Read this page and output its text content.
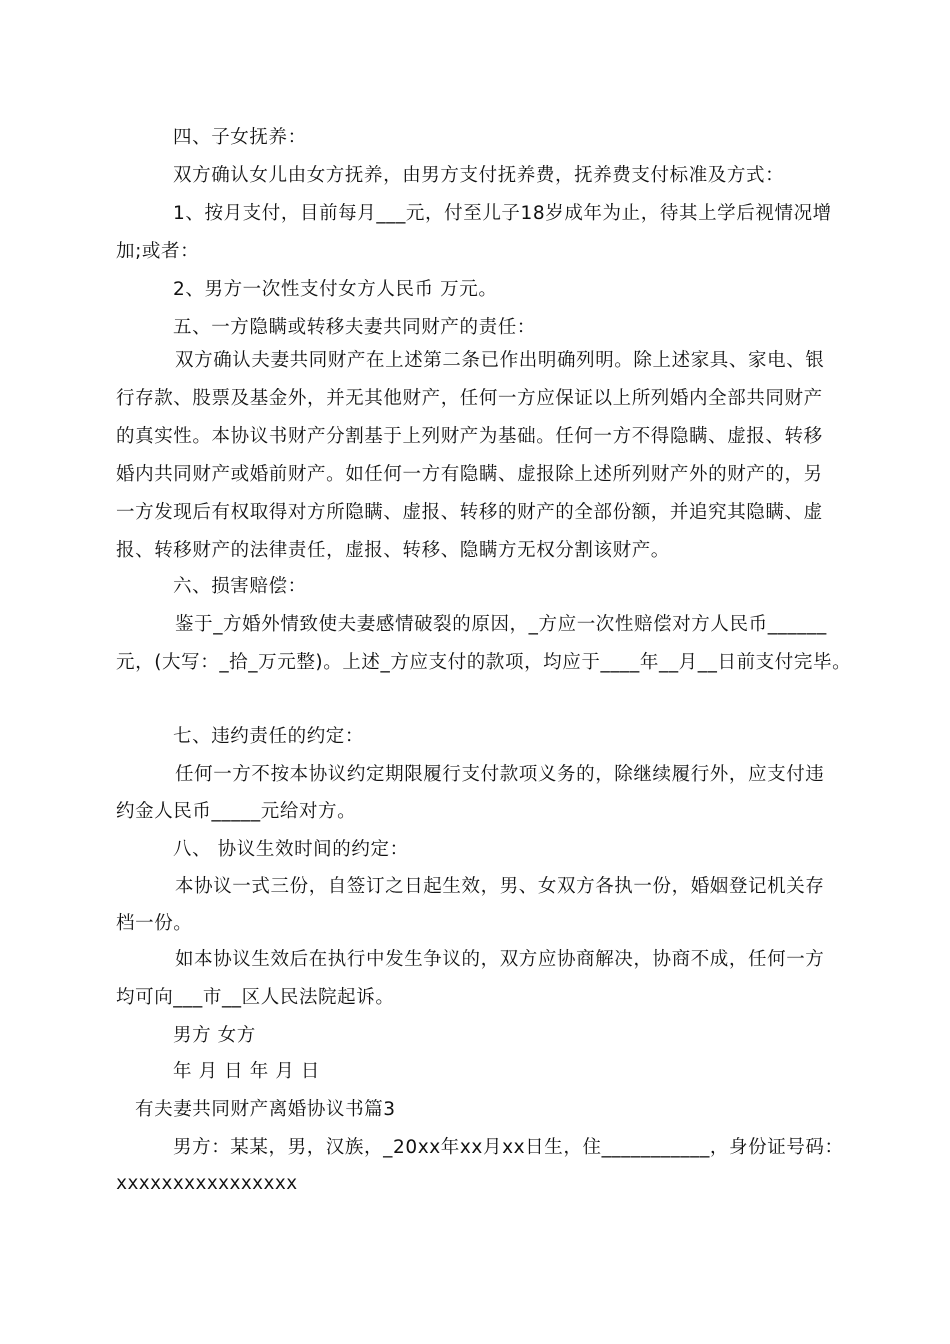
四、子女抚养：
双方确认女儿由女方抚养，由男方支付抚养费，抚养费支付标准及方式：
1、按月支付，目前每月___元，付至儿子18岁成年为止，待其上学后视情况增
加;或者：
2、男方一次性支付女方人民币 万元。
五、一方隐瞒或转移夫妻共同财产的责任：
双方确认夫妻共同财产在上述第二条已作出明确列明。除上述家具、家电、银
行存款、股票及基金外，并无其他财产，任何一方应保证以上所列婚内全部共同财产
的真实性。本协议书财产分割基于上列财产为基础。任何一方不得隐瞒、虚报、转移
婚内共同财产或婚前财产。如任何一方有隐瞒、虚报除上述所列财产外的财产的，另
一方发现后有权取得对方所隐瞒、虚报、转移的财产的全部份额，并追究其隐瞒、虚
报、转移财产的法律责任，虚报、转移、隐瞒方无权分割该财产。
六、损害赔偿：
鉴于_方婚外情致使夫妻感情破裂的原因，_方应一次性赔偿对方人民币______
元，(大写：_拾_万元整)。上述_方应支付的款项，均应于____年__月__日前支付完毕。
七、违约责任的约定：
任何一方不按本协议约定期限履行支付款项义务的，除继续履行外，应支付违
约金人民币_____元给对方。
八、 协议生效时间的约定：
本协议一式三份，自签订之日起生效，男、女双方各执一份，婚姻登记机关存
档一份。
如本协议生效后在执行中发生争议的，双方应协商解决，协商不成，任何一方
均可向___市__区人民法院起诉。
男方 女方
年 月 日 年 月 日
有夫妻共同财产离婚协议书篇3
男方：某某，男，汉族，_20xx年xx月xx日生，住___________，身份证号码：
xxxxxxxxxxxxxxxx
